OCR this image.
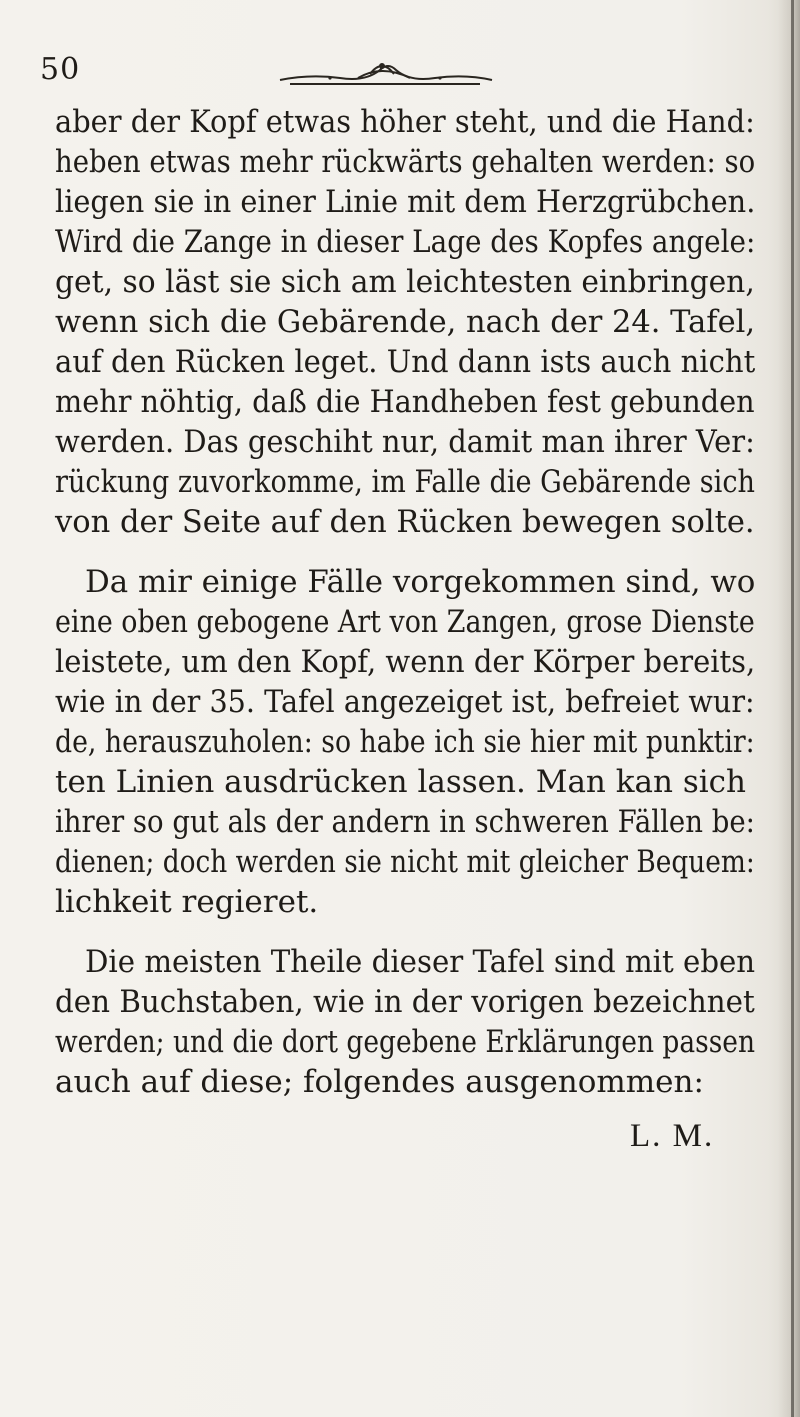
50
aber der Kopf etwas höher steht, und die Hand:
heben etwas mehr rückwärts gehalten werden: so
liegen sie in einer Linie mit dem Herzgrübchen.
Wird die Zange in dieser Lage des Kopfes angele:
get, so läst sie sich am leichtesten einbringen,
wenn sich die Gebärende, nach der 24. Tafel,
auf den Rücken leget. Und dann ists auch nicht
mehr nöhtig, daß die Handheben fest gebunden
werden. Das geschiht nur, damit man ihrer Ver:
rückung zuvorkomme, im Falle die Gebärende sich
von der Seite auf den Rücken bewegen solte.
Da mir einige Fälle vorgekommen sind, wo
eine oben gebogene Art von Zangen, grose Dienste
leistete, um den Kopf, wenn der Körper bereits,
wie in der 35. Tafel angezeiget ist, befreiet wur:
de, herauszuholen: so habe ich sie hier mit punktir:
ten Linien ausdrücken lassen. Man kan sich
ihrer so gut als der andern in schweren Fällen be:
dienen; doch werden sie nicht mit gleicher Bequem:
lichkeit regieret.
Die meisten Theile dieser Tafel sind mit eben
den Buchstaben, wie in der vorigen bezeichnet
werden; und die dort gegebene Erklärungen passen
auch auf diese; folgendes ausgenommen:
L. M.
